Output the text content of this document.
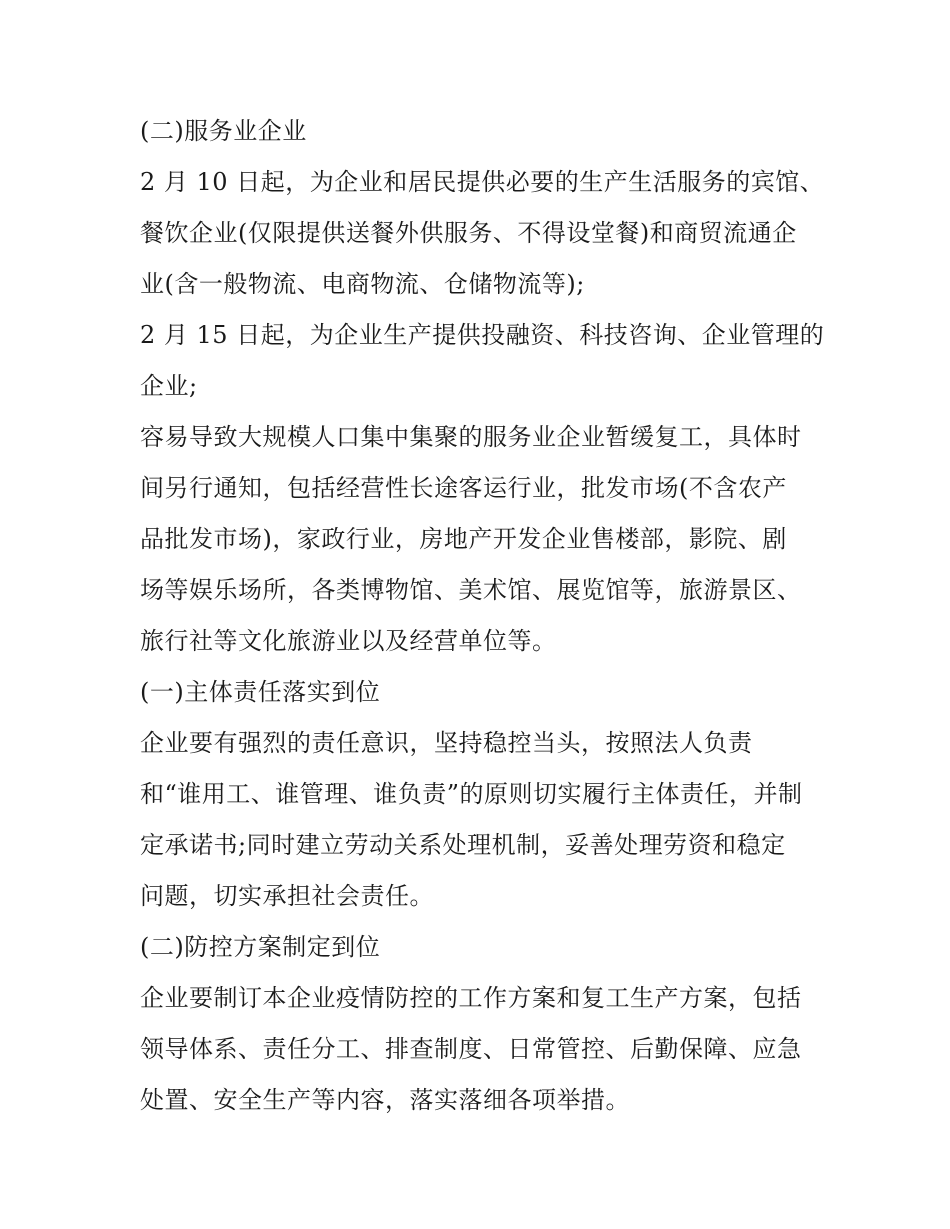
(二)服务业企业
2 月 10 日起，为企业和居民提供必要的生产生活服务的宾馆、
餐饮企业(仅限提供送餐外供服务、不得设堂餐)和商贸流通企
业(含一般物流、电商物流、仓储物流等);
2 月 15 日起，为企业生产提供投融资、科技咨询、企业管理的
企业;
容易导致大规模人口集中集聚的服务业企业暂缓复工，具体时
间另行通知，包括经营性长途客运行业，批发市场(不含农产
品批发市场)，家政行业，房地产开发企业售楼部，影院、剧
场等娱乐场所，各类博物馆、美术馆、展览馆等，旅游景区、
旅行社等文化旅游业以及经营单位等。
(一)主体责任落实到位
企业要有强烈的责任意识，坚持稳控当头，按照法人负责
和“谁用工、谁管理、谁负责”的原则切实履行主体责任，并制
定承诺书;同时建立劳动关系处理机制，妥善处理劳资和稳定
问题，切实承担社会责任。
(二)防控方案制定到位
企业要制订本企业疫情防控的工作方案和复工生产方案，包括
领导体系、责任分工、排查制度、日常管控、后勤保障、应急
处置、安全生产等内容，落实落细各项举措。
